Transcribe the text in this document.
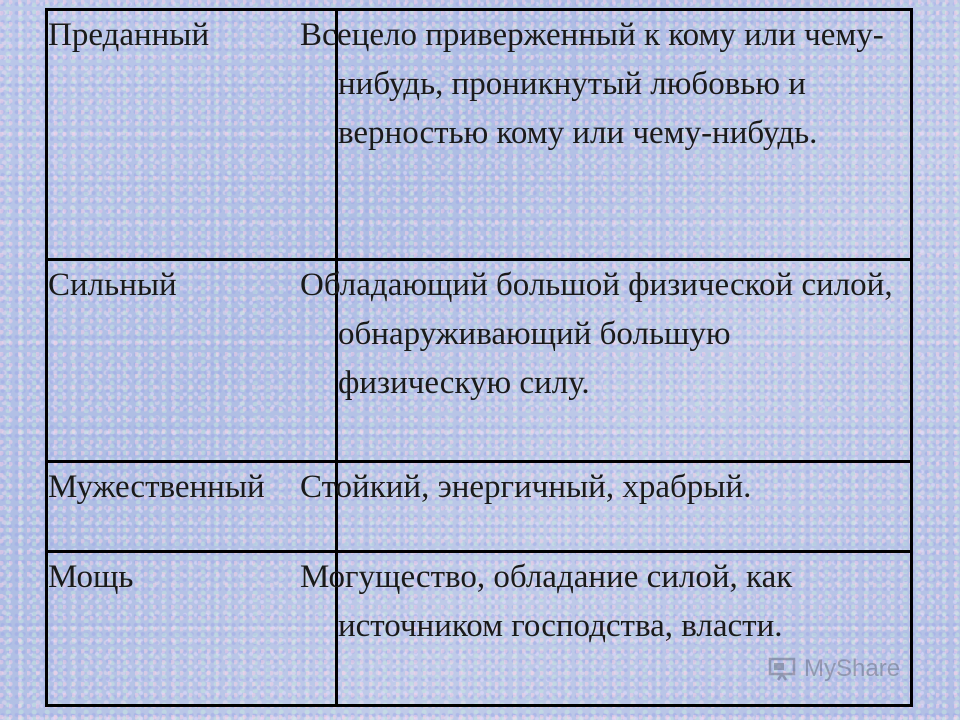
Преданный	Всецело приверженный к кому или чему-нибудь, проникнутый любовью и верностью кому или чему-нибудь.
Сильный	Обладающий большой физической силой, обнаруживающий большую физическую силу.
Мужественный	Стойкий, энергичный, храбрый.
Мощь	Могущество, обладание силой, как источником господства, власти.
MyShare
